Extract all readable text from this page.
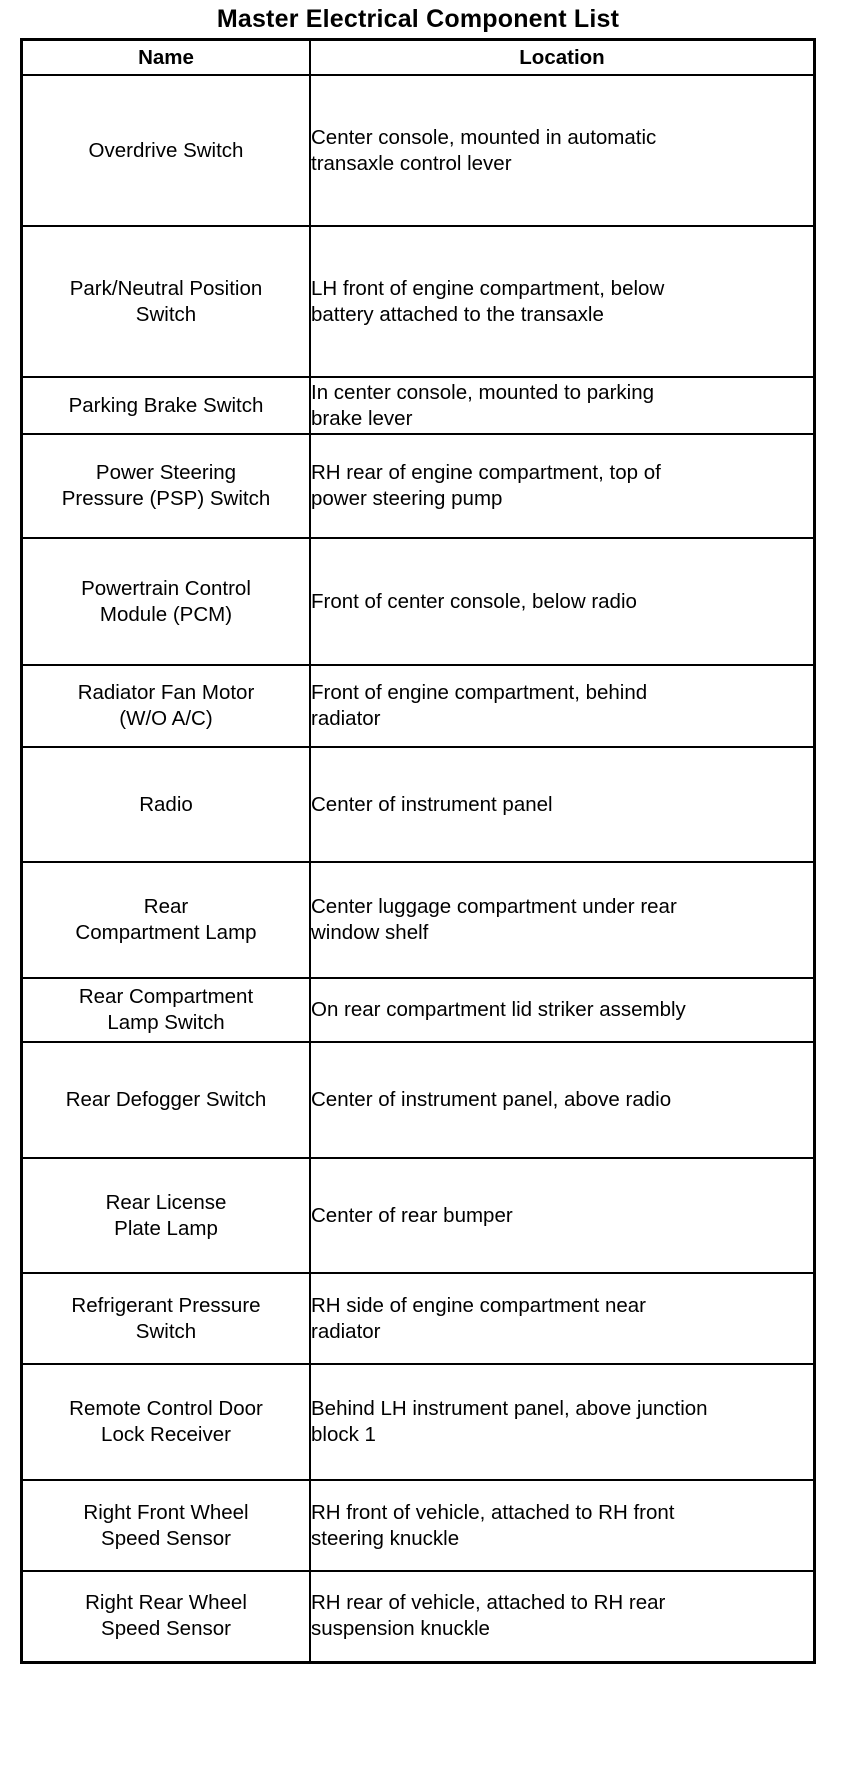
Master Electrical Component List
Name	Location

Overdrive Switch	Center console, mounted in automatic
transaxle control lever

Park/Neutral Position
Switch	LH front of engine compartment, below
battery attached to the transaxle

Parking Brake Switch	In center console, mounted to parking
brake lever

Power Steering
Pressure (PSP) Switch	RH rear of engine compartment, top of
power steering pump

Powertrain Control
Module (PCM)	Front of center console, below radio

Radiator Fan Motor
(W/O A/C)	Front of engine compartment, behind
radiator

Radio	Center of instrument panel

Rear
Compartment Lamp	Center luggage compartment under rear
window shelf

Rear Compartment
Lamp Switch	On rear compartment lid striker assembly

Rear Defogger Switch	Center of instrument panel, above radio

Rear License
Plate Lamp	Center of rear bumper

Refrigerant Pressure
Switch	RH side of engine compartment near
radiator

Remote Control Door
Lock Receiver	Behind LH instrument panel, above junction
block 1

Right Front Wheel
Speed Sensor	RH front of vehicle, attached to RH front
steering knuckle

Right Rear Wheel
Speed Sensor	RH rear of vehicle, attached to RH rear
suspension knuckle
